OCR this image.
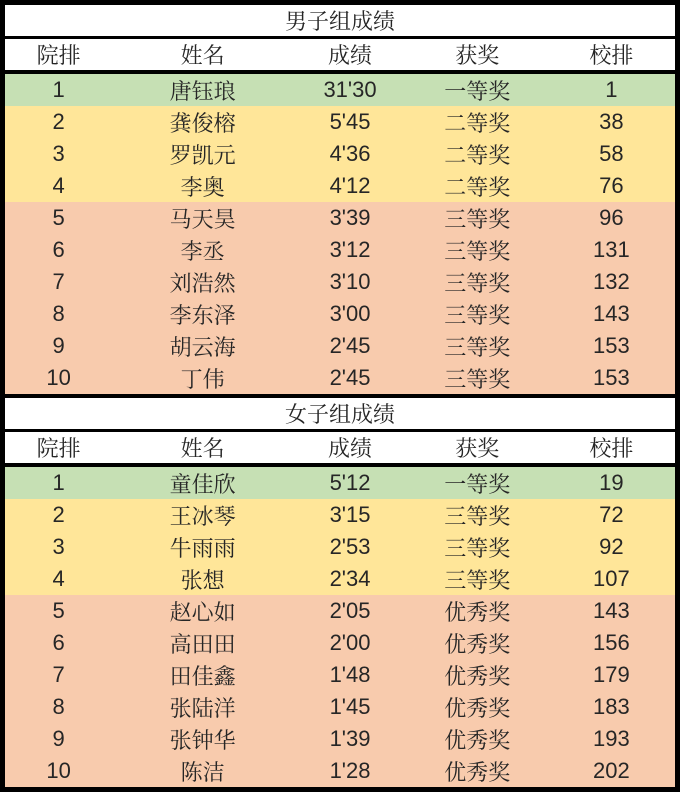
男子组成绩				
院排	姓名	成绩	获奖	校排
1	唐钰琅	31'30	一等奖	1
2	龚俊榕	5'45	二等奖	38
3	罗凯元	4'36	二等奖	58
4	李奥	4'12	二等奖	76
5	马天昊	3'39	三等奖	96
6	李丞	3'12	三等奖	131
7	刘浩然	3'10	三等奖	132
8	李东泽	3'00	三等奖	143
9	胡云海	2'45	三等奖	153
10	丁伟	2'45	三等奖	153
女子组成绩				
院排	姓名	成绩	获奖	校排
1	童佳欣	5'12	一等奖	19
2	王冰琴	3'15	三等奖	72
3	牛雨雨	2'53	三等奖	92
4	张想	2'34	三等奖	107
5	赵心如	2'05	优秀奖	143
6	高田田	2'00	优秀奖	156
7	田佳鑫	1'48	优秀奖	179
8	张陆洋	1'45	优秀奖	183
9	张钟华	1'39	优秀奖	193
10	陈洁	1'28	优秀奖	202
